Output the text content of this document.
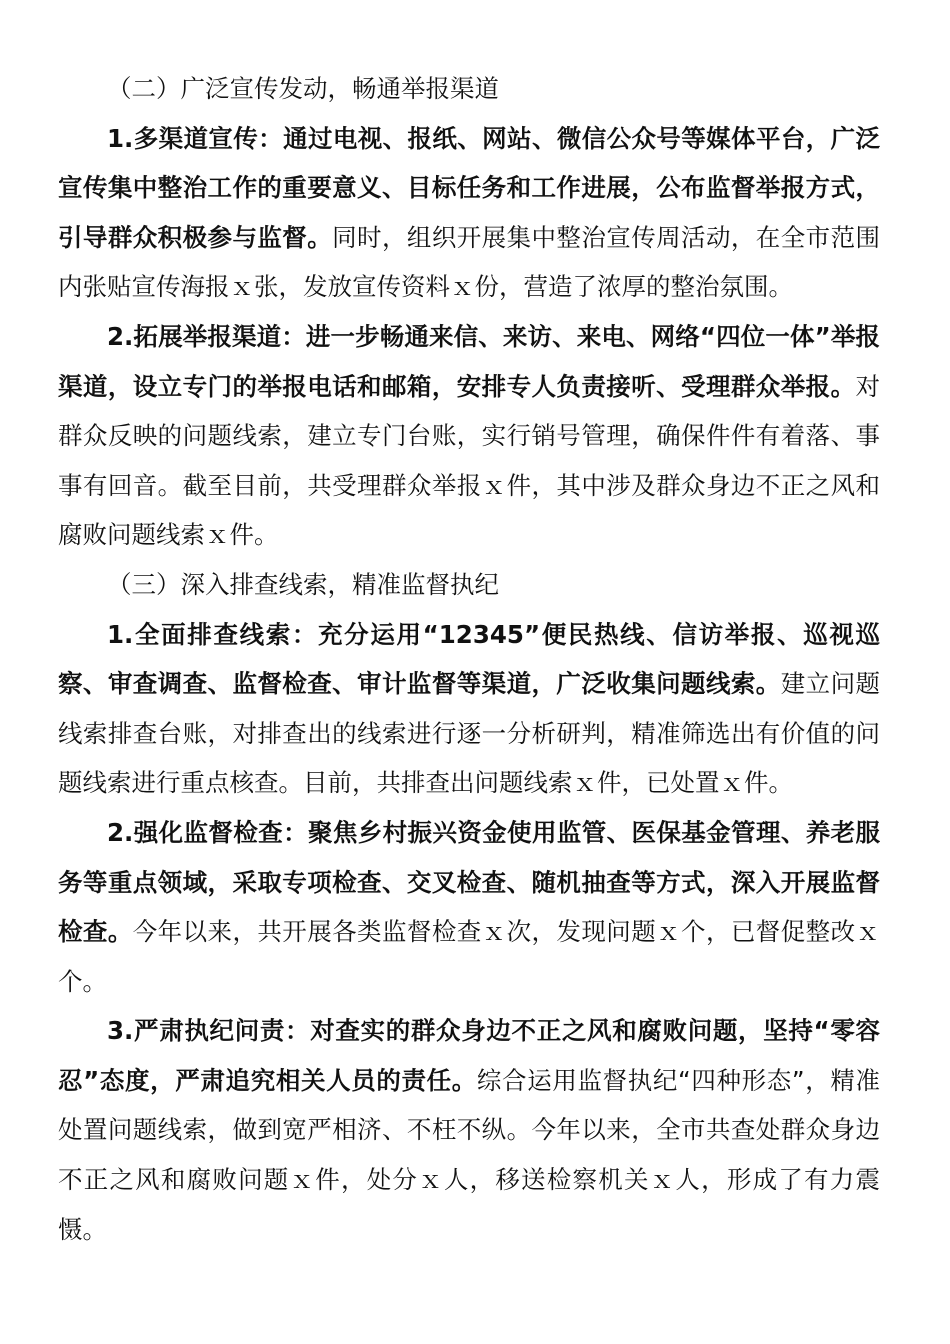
（二）广泛宣传发动，畅通举报渠道

1.多渠道宣传：通过电视、报纸、网站、微信公众号等媒体平台，广泛宣传集中整治工作的重要意义、目标任务和工作进展，公布监督举报方式，引导群众积极参与监督。同时，组织开展集中整治宣传周活动，在全市范围内张贴宣传海报ｘ张，发放宣传资料ｘ份，营造了浓厚的整治氛围。

2.拓展举报渠道：进一步畅通来信、来访、来电、网络“四位一体”举报渠道，设立专门的举报电话和邮箱，安排专人负责接听、受理群众举报。对群众反映的问题线索，建立专门台账，实行销号管理，确保件件有着落、事事有回音。截至目前，共受理群众举报ｘ件，其中涉及群众身边不正之风和腐败问题线索ｘ件。

（三）深入排查线索，精准监督执纪

1.全面排查线索：充分运用“12345”便民热线、信访举报、巡视巡察、审查调查、监督检查、审计监督等渠道，广泛收集问题线索。建立问题线索排查台账，对排查出的线索进行逐一分析研判，精准筛选出有价值的问题线索进行重点核查。目前，共排查出问题线索ｘ件，已处置ｘ件。

2.强化监督检查：聚焦乡村振兴资金使用监管、医保基金管理、养老服务等重点领域，采取专项检查、交叉检查、随机抽查等方式，深入开展监督检查。今年以来，共开展各类监督检查ｘ次，发现问题ｘ个，已督促整改ｘ个。

3.严肃执纪问责：对查实的群众身边不正之风和腐败问题，坚持“零容忍”态度，严肃追究相关人员的责任。综合运用监督执纪“四种形态”，精准处置问题线索，做到宽严相济、不枉不纵。今年以来，全市共查处群众身边不正之风和腐败问题ｘ件，处分ｘ人，移送检察机关ｘ人，形成了有力震慑。
